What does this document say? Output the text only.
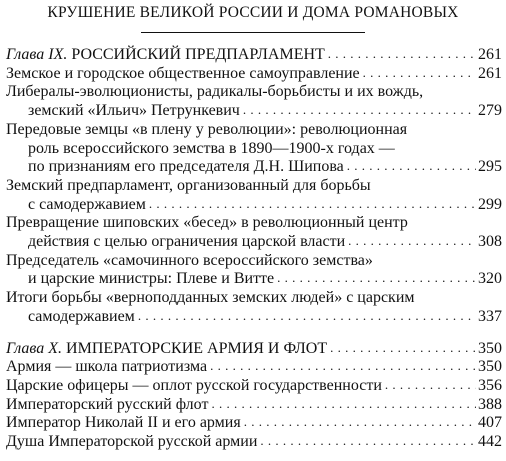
КРУШЕНИЕ ВЕЛИКОЙ РОССИИ И ДОМА РОМАНОВЫХ
Глава IX. РОССИЙСКИЙ ПРЕДПАРЛАМЕНТ . . .	261
Земское и городское общественное самоуправление . . .	261
Либералы-эволюционисты, радикалы-борьбисты и их вождь,
земский «Ильич» Петрункевич . . .	279
Передовые земцы «в плену у революции»: революционная
роль всероссийского земства в 1890—1900-х годах —
по признаниям его председателя Д.Н. Шипова . . .	295
Земский предпарламент, организованный для борьбы
с самодержавием . . .	299
Превращение шиповских «бесед» в революционный центр
действия с целью ограничения царской власти . . .	308
Председатель «самочинного всероссийского земства»
и царские министры: Плеве и Витте . . .	320
Итоги борьбы «верноподданных земских людей» с царским
самодержавием . . .	337
Глава X. ИМПЕРАТОРСКИЕ АРМИЯ И ФЛОТ . . .	350
Армия — школа патриотизма . . .	350
Царские офицеры — оплот русской государственности . . .	356
Императорский русский флот . . .	388
Император Николай II и его армия . . .	407
Душа Императорской русской армии . . .	442
